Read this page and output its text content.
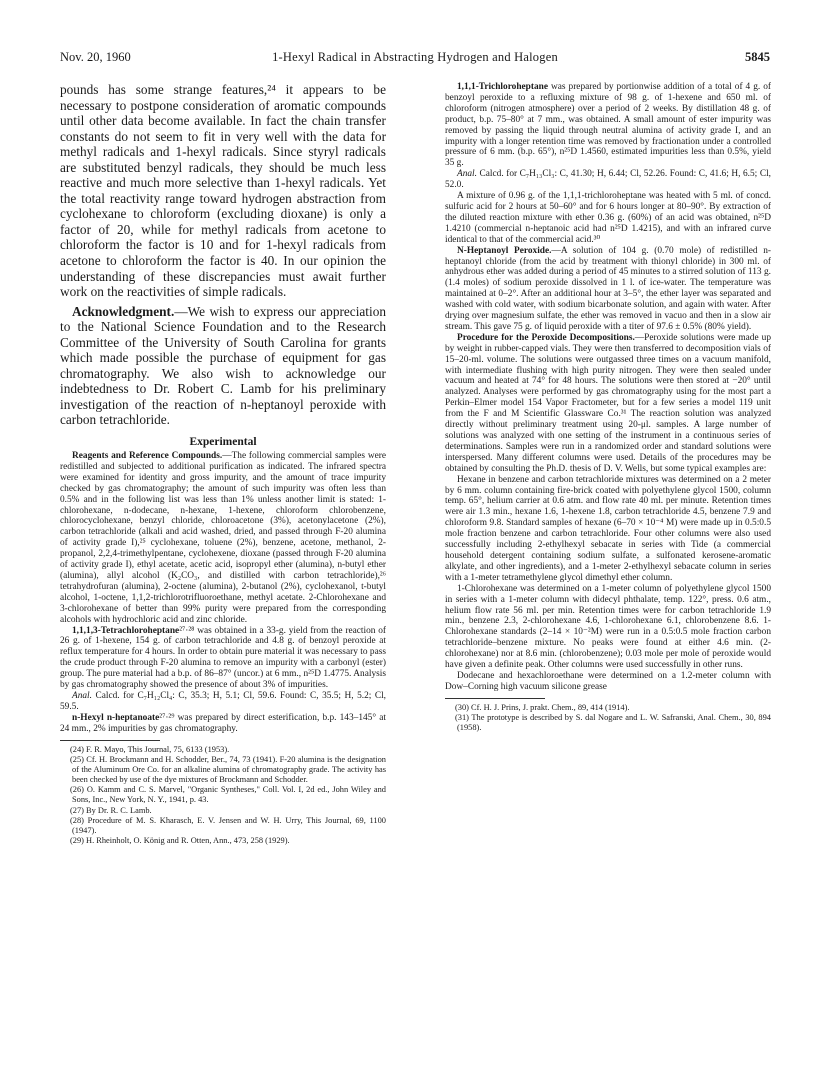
Nov. 20, 1960	1-Hexyl Radical in Abstracting Hydrogen and Halogen	5845

pounds has some strange features,²⁴ it appears to be necessary to postpone consideration of aromatic compounds until other data become available. In fact the chain transfer constants do not seem to fit in very well with the data for methyl radicals and 1-hexyl radicals. Since styryl radicals are substituted benzyl radicals, they should be much less reactive and much more selective than 1-hexyl radicals. Yet the total reactivity range toward hydrogen abstraction from cyclohexane to chloroform (excluding dioxane) is only a factor of 20, while for methyl radicals from acetone to chloroform the factor is 10 and for 1-hexyl radicals from acetone to chloroform the factor is 40. In our opinion the understanding of these discrepancies must await further work on the reactivities of simple radicals.

Acknowledgment.—We wish to express our appreciation to the National Science Foundation and to the Research Committee of the University of South Carolina for grants which made possible the purchase of equipment for gas chromatography. We also wish to acknowledge our indebtedness to Dr. Robert C. Lamb for his preliminary investigation of the reaction of n-heptanoyl peroxide with carbon tetrachloride.

Experimental

Reagents and Reference Compounds.—The following commercial samples were redistilled and subjected to additional purification as indicated. The infrared spectra were examined for identity and gross impurity, and the amount of trace impurity checked by gas chromatography; the amount of such impurity was often less than 0.5% and in the following list was less than 1% unless another limit is stated: 1-chlorohexane, n-dodecane, n-hexane, 1-hexene, chloroform chlorobenzene, chlorocyclohexane, benzyl chloride, chloroacetone (3%), acetonylacetone (2%), carbon tetrachloride (alkali and acid washed, dried, and passed through F-20 alumina of activity grade I),²⁵ cyclohexane, toluene (2%), benzene, acetone, methanol, 2-propanol, 2,2,4-trimethylpentane, cyclohexene, dioxane (passed through F-20 alumina of activity grade I), ethyl acetate, acetic acid, isopropyl ether (alumina), n-butyl ether (alumina), allyl alcohol (K₂CO₃, and distilled with carbon tetrachloride),²⁶ tetrahydrofuran (alumina), 2-octene (alumina), 2-butanol (2%), cyclohexanol, t-butyl alcohol, 1-octene, 1,1,2-trichlorotrifluoroethane, methyl acetate. 2-Chlorohexane and 3-chlorohexane of better than 99% purity were prepared from the corresponding alcohols with hydrochloric acid and zinc chloride.

1,1,1,3-Tetrachloroheptane²⁷·²⁸ was obtained in a 33-g. yield from the reaction of 26 g. of 1-hexene, 154 g. of carbon tetrachloride and 4.8 g. of benzoyl peroxide at reflux temperature for 4 hours. In order to obtain pure material it was necessary to pass the crude product through F-20 alumina to remove an impurity with a carbonyl (ester) group. The pure material had a b.p. of 86–87° (uncor.) at 6 mm., n²⁵D 1.4775. Analysis by gas chromatography showed the presence of about 3% of impurities.

Anal. Calcd. for C₇H₁₂Cl₄: C, 35.3; H, 5.1; Cl, 59.6. Found: C, 35.5; H, 5.2; Cl, 59.5.

n-Hexyl n-heptanoate²⁷·²⁹ was prepared by direct esterification, b.p. 143–145° at 24 mm., 2% impurities by gas chromatography.

(24) F. R. Mayo, This Journal, 75, 6133 (1953).
(25) Cf. H. Brockmann and H. Schodder, Ber., 74, 73 (1941). F-20 alumina is the designation of the Aluminum Ore Co. for an alkaline alumina of chromatography grade. The activity has been checked by use of the dye mixtures of Brockmann and Schodder.
(26) O. Kamm and C. S. Marvel, "Organic Syntheses," Coll. Vol. I, 2d ed., John Wiley and Sons, Inc., New York, N. Y., 1941, p. 43.
(27) By Dr. R. C. Lamb.
(28) Procedure of M. S. Kharasch, E. V. Jensen and W. H. Urry, This Journal, 69, 1100 (1947).
(29) H. Rheinholt, O. König and R. Otten, Ann., 473, 258 (1929).

1,1,1-Trichloroheptane was prepared by portionwise addition of a total of 4 g. of benzoyl peroxide to a refluxing mixture of 98 g. of 1-hexene and 650 ml. of chloroform (nitrogen atmosphere) over a period of 2 weeks. By distillation 48 g. of product, b.p. 75–80° at 7 mm., was obtained. A small amount of ester impurity was removed by passing the liquid through neutral alumina of activity grade I, and an impurity with a longer retention time was removed by fractionation under a controlled pressure of 6 mm. (b.p. 65°), n²⁵D 1.4560, estimated impurities less than 0.5%, yield 35 g.

Anal. Calcd. for C₇H₁₃Cl₃: C, 41.30; H, 6.44; Cl, 52.26. Found: C, 41.6; H, 6.5; Cl, 52.0.

A mixture of 0.96 g. of the 1,1,1-trichloroheptane was heated with 5 ml. of concd. sulfuric acid for 2 hours at 50–60° and for 6 hours longer at 80–90°. By extraction of the diluted reaction mixture with ether 0.36 g. (60%) of an acid was obtained, n²⁵D 1.4210 (commercial n-heptanoic acid had n²⁵D 1.4215), and with an infrared curve identical to that of the commercial acid.³⁰

N-Heptanoyl Peroxide.—A solution of 104 g. (0.70 mole) of redistilled n-heptanoyl chloride (from the acid by treatment with thionyl chloride) in 300 ml. of anhydrous ether was added during a period of 45 minutes to a stirred solution of 113 g. (1.4 moles) of sodium peroxide dissolved in 1 l. of ice-water. The temperature was maintained at 0–2°. After an additional hour at 3–5°, the ether layer was separated and washed with cold water, with sodium bicarbonate solution, and again with water. After drying over magnesium sulfate, the ether was removed in vacuo and then in a slow air stream. This gave 75 g. of liquid peroxide with a titer of 97.6 ± 0.5% (80% yield).

Procedure for the Peroxide Decompositions.—Peroxide solutions were made up by weight in rubber-capped vials. They were then transferred to decomposition vials of 15–20-ml. volume. The solutions were outgassed three times on a vacuum manifold, with intermediate flushing with high purity nitrogen. They were then sealed under vacuum and heated at 74° for 48 hours. The solutions were then stored at −20° until analyzed. Analyses were performed by gas chromatography using for the most part a Perkin–Elmer model 154 Vapor Fractometer, but for a few series a model 119 unit from the F and M Scientific Glassware Co.³¹ The reaction solution was analyzed directly without preliminary treatment using 20-μl. samples. A large number of solutions was analyzed with one setting of the instrument in a continuous series of determinations. Samples were run in a randomized order and standard solutions were interspersed. Many different columns were used. Details of the procedures may be obtained by consulting the Ph.D. thesis of D. V. Wells, but some typical examples are:

Hexane in benzene and carbon tetrachloride mixtures was determined on a 2 meter by 6 mm. column containing fire-brick coated with polyethylene glycol 1500, column temp. 65°, helium carrier at 0.6 atm. and flow rate 40 ml. per minute. Retention times were air 1.3 min., hexane 1.6, 1-hexene 1.8, carbon tetrachloride 4.5, benzene 7.9 and chloroform 9.8. Standard samples of hexane (6–70 × 10⁻⁴ M) were made up in 0.5:0.5 mole fraction benzene and carbon tetrachloride. Four other columns were also used successfully including 2-ethylhexyl sebacate in series with Tide (a commercial household detergent containing sodium sulfate, a sulfonated kerosene-aromatic alkylate, and other ingredients), and a 1-meter 2-ethylhexyl sebacate column in series with a 1-meter tetramethylene glycol dimethyl ether column.

1-Chlorohexane was determined on a 1-meter column of polyethylene glycol 1500 in series with a 1-meter column with didecyl phthalate, temp. 122°, press. 0.6 atm., helium flow rate 56 ml. per min. Retention times were for carbon tetrachloride 1.9 min., benzene 2.3, 2-chlorohexane 4.6, 1-chlorohexane 6.1, chlorobenzene 8.6. 1-Chlorohexane standards (2–14 × 10⁻²M) were run in a 0.5:0.5 mole fraction carbon tetrachloride–benzene mixture. No peaks were found at either 4.6 min. (2-chlorohexane) nor at 8.6 min. (chlorobenzene); 0.03 mole per mole of peroxide would have given a definite peak. Other columns were used successfully in other runs.

Dodecane and hexachloroethane were determined on a 1.2-meter column with Dow–Corning high vacuum silicone grease

(30) Cf. H. J. Prins, J. prakt. Chem., 89, 414 (1914).
(31) The prototype is described by S. dal Nogare and L. W. Safranski, Anal. Chem., 30, 894 (1958).
